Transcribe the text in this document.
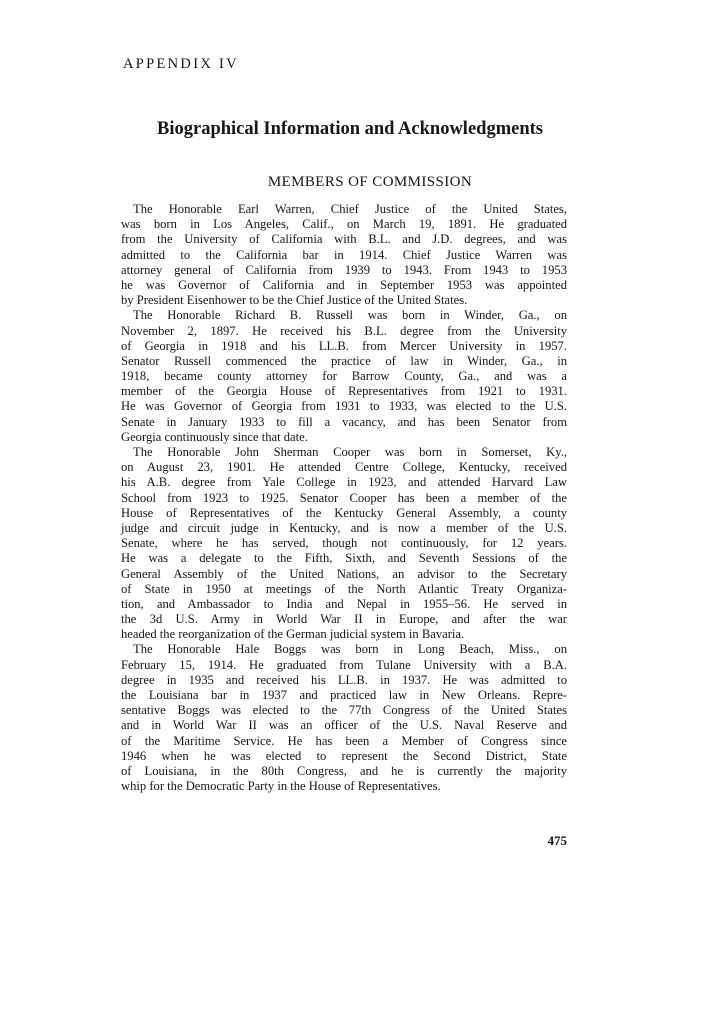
APPENDIX IV
Biographical Information and Acknowledgments
MEMBERS OF COMMISSION
The Honorable Earl Warren, Chief Justice of the United States,
was born in Los Angeles, Calif., on March 19, 1891. He graduated
from the University of California with B.L. and J.D. degrees, and was
admitted to the California bar in 1914. Chief Justice Warren was
attorney general of California from 1939 to 1943. From 1943 to 1953
he was Governor of California and in September 1953 was appointed
by President Eisenhower to be the Chief Justice of the United States.
The Honorable Richard B. Russell was born in Winder, Ga., on
November 2, 1897. He received his B.L. degree from the University
of Georgia in 1918 and his LL.B. from Mercer University in 1957.
Senator Russell commenced the practice of law in Winder, Ga., in
1918, became county attorney for Barrow County, Ga., and was a
member of the Georgia House of Representatives from 1921 to 1931.
He was Governor of Georgia from 1931 to 1933, was elected to the U.S.
Senate in January 1933 to fill a vacancy, and has been Senator from
Georgia continuously since that date.
The Honorable John Sherman Cooper was born in Somerset, Ky.,
on August 23, 1901. He attended Centre College, Kentucky, received
his A.B. degree from Yale College in 1923, and attended Harvard Law
School from 1923 to 1925. Senator Cooper has been a member of the
House of Representatives of the Kentucky General Assembly, a county
judge and circuit judge in Kentucky, and is now a member of the U.S.
Senate, where he has served, though not continuously, for 12 years.
He was a delegate to the Fifth, Sixth, and Seventh Sessions of the
General Assembly of the United Nations, an advisor to the Secretary
of State in 1950 at meetings of the North Atlantic Treaty Organiza-
tion, and Ambassador to India and Nepal in 1955–56. He served in
the 3d U.S. Army in World War II in Europe, and after the war
headed the reorganization of the German judicial system in Bavaria.
The Honorable Hale Boggs was born in Long Beach, Miss., on
February 15, 1914. He graduated from Tulane University with a B.A.
degree in 1935 and received his LL.B. in 1937. He was admitted to
the Louisiana bar in 1937 and practiced law in New Orleans. Repre-
sentative Boggs was elected to the 77th Congress of the United States
and in World War II was an officer of the U.S. Naval Reserve and
of the Maritime Service. He has been a Member of Congress since
1946 when he was elected to represent the Second District, State
of Louisiana, in the 80th Congress, and he is currently the majority
whip for the Democratic Party in the House of Representatives.
475
